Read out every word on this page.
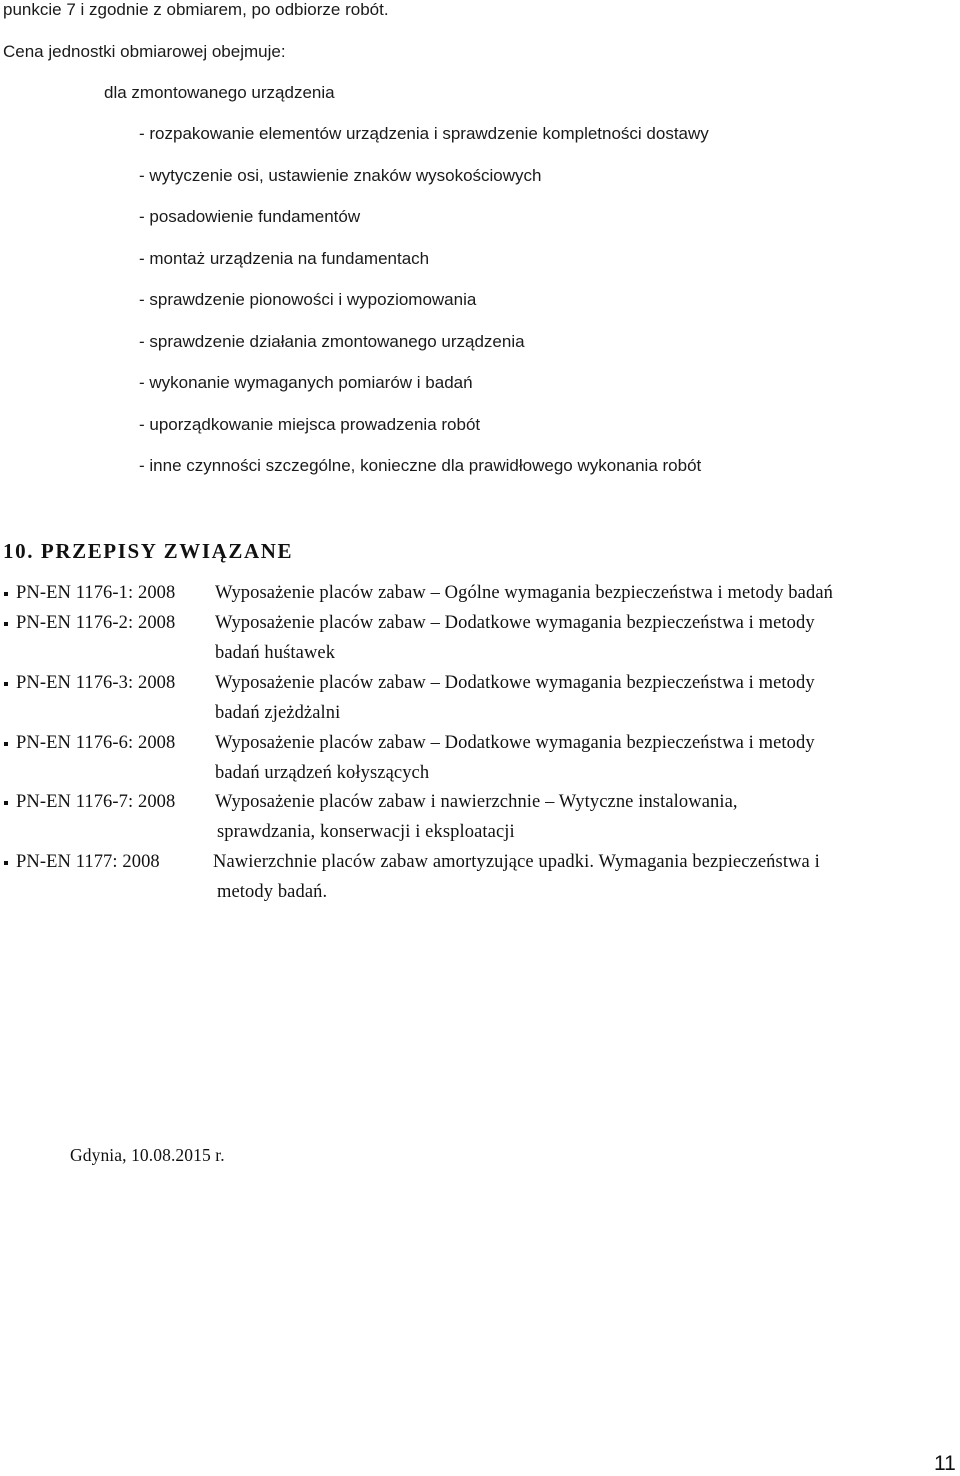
punkcie 7 i zgodnie z obmiarem, po odbiorze robót.

Cena jednostki obmiarowej obejmuje:

dla zmontowanego urządzenia

- rozpakowanie elementów urządzenia i sprawdzenie kompletności dostawy

- wytyczenie osi, ustawienie znaków wysokościowych

- posadowienie fundamentów

- montaż urządzenia na fundamentach

- sprawdzenie pionowości i wypoziomowania

- sprawdzenie działania zmontowanego urządzenia

- wykonanie wymaganych pomiarów i badań

- uporządkowanie miejsca prowadzenia robót

- inne czynności szczególne, konieczne dla prawidłowego wykonania robót

10. PRZEPISY ZWIĄZANE
PN-EN 1176-1: 2008 Wyposażenie placów zabaw – Ogólne wymagania bezpieczeństwa i metody badań
PN-EN 1176-2: 2008 Wyposażenie placów zabaw – Dodatkowe wymagania bezpieczeństwa i metody
badań huśtawek
PN-EN 1176-3: 2008 Wyposażenie placów zabaw – Dodatkowe wymagania bezpieczeństwa i metody
badań zjeżdżalni
PN-EN 1176-6: 2008 Wyposażenie placów zabaw – Dodatkowe wymagania bezpieczeństwa i metody
badań urządzeń kołyszących
PN-EN 1176-7: 2008 Wyposażenie placów zabaw i nawierzchnie – Wytyczne instalowania,
sprawdzania, konserwacji i eksploatacji
PN-EN 1177: 2008	Nawierzchnie placów zabaw amortyzujące upadki. Wymagania bezpieczeństwa i
metody badań.

Gdynia, 10.08.2015 r.

11
